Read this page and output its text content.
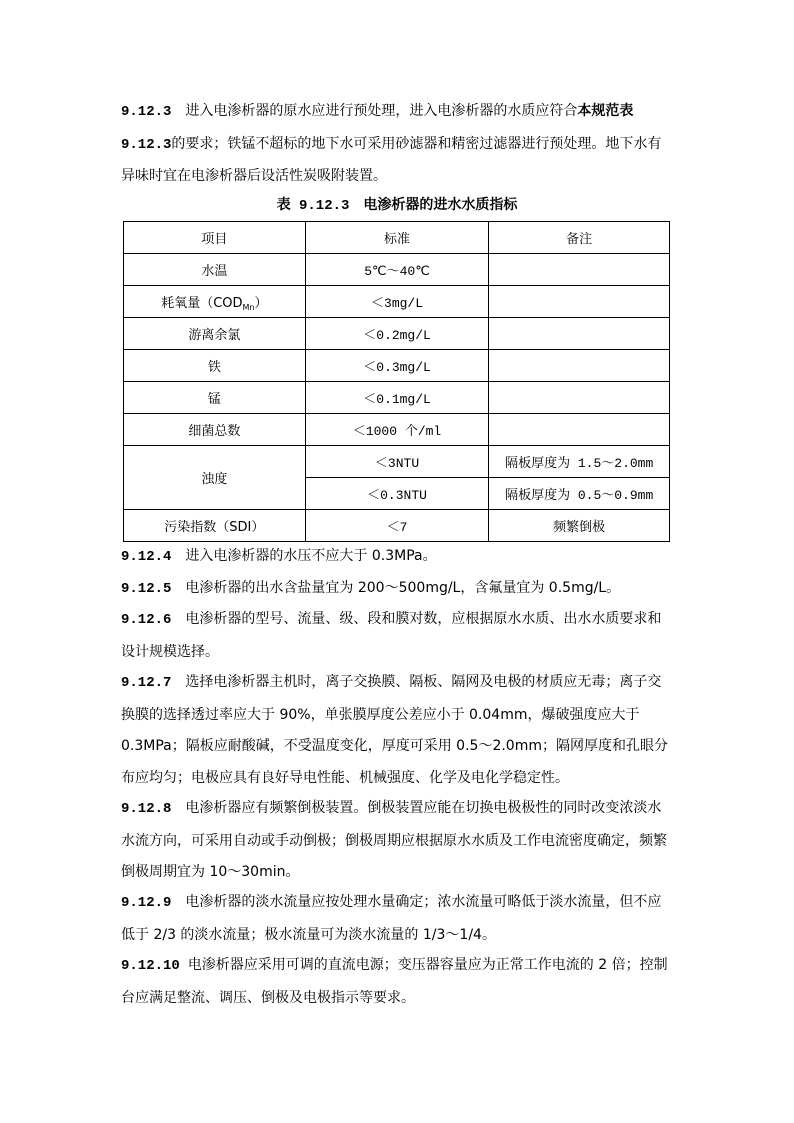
9.12.3 进入电渗析器的原水应进行预处理，进入电渗析器的水质应符合本规范表
9.12.3的要求；铁锰不超标的地下水可采用砂滤器和精密过滤器进行预处理。地下水有异味时宜在电渗析器后设活性炭吸附装置。

表 9.12.3 电渗析器的进水水质指标
项目	标准	备注
水温	5℃～40℃	
耗氧量$(COD_{Mn})$	＜3mg/L	
游离余氯	＜0.2mg/L	
铁	＜0.3mg/L	
锰	＜0.1mg/L	
细菌总数	＜1000 个/ml	
浊度	＜3NTU	隔板厚度为 1.5～2.0mm
	＜0.3NTU	隔板厚度为 0.5～0.9mm
污染指数（SDI）	＜7	频繁倒极

9.12.4 进入电渗析器的水压不应大于 0.3MPa。

9.12.5 电渗析器的出水含盐量宜为 200～500mg/L，含氟量宜为 0.5mg/L。

9.12.6 电渗析器的型号、流量、级、段和膜对数，应根据原水水质、出水水质要求和设计规模选择。

9.12.7 选择电渗析器主机时，离子交换膜、隔板、隔网及电极的材质应无毒；离子交换膜的选择透过率应大于 90%，单张膜厚度公差应小于 0.04mm，爆破强度应大于 0.3MPa；隔板应耐酸碱，不受温度变化，厚度可采用 0.5～2.0mm；隔网厚度和孔眼分布应均匀；电极应具有良好导电性能、机械强度、化学及电化学稳定性。

9.12.8 电渗析器应有频繁倒极装置。倒极装置应能在切换电极极性的同时改变浓淡水水流方向，可采用自动或手动倒极；倒极周期应根据原水水质及工作电流密度确定，频繁倒极周期宜为 10～30min。

9.12.9 电渗析器的淡水流量应按处理水量确定；浓水流量可略低于淡水流量，但不应低于 2/3 的淡水流量；极水流量可为淡水流量的 1/3～1/4。

9.12.10 电渗析器应采用可调的直流电源；变压器容量应为正常工作电流的 2 倍；控制台应满足整流、调压、倒极及电极指示等要求。
